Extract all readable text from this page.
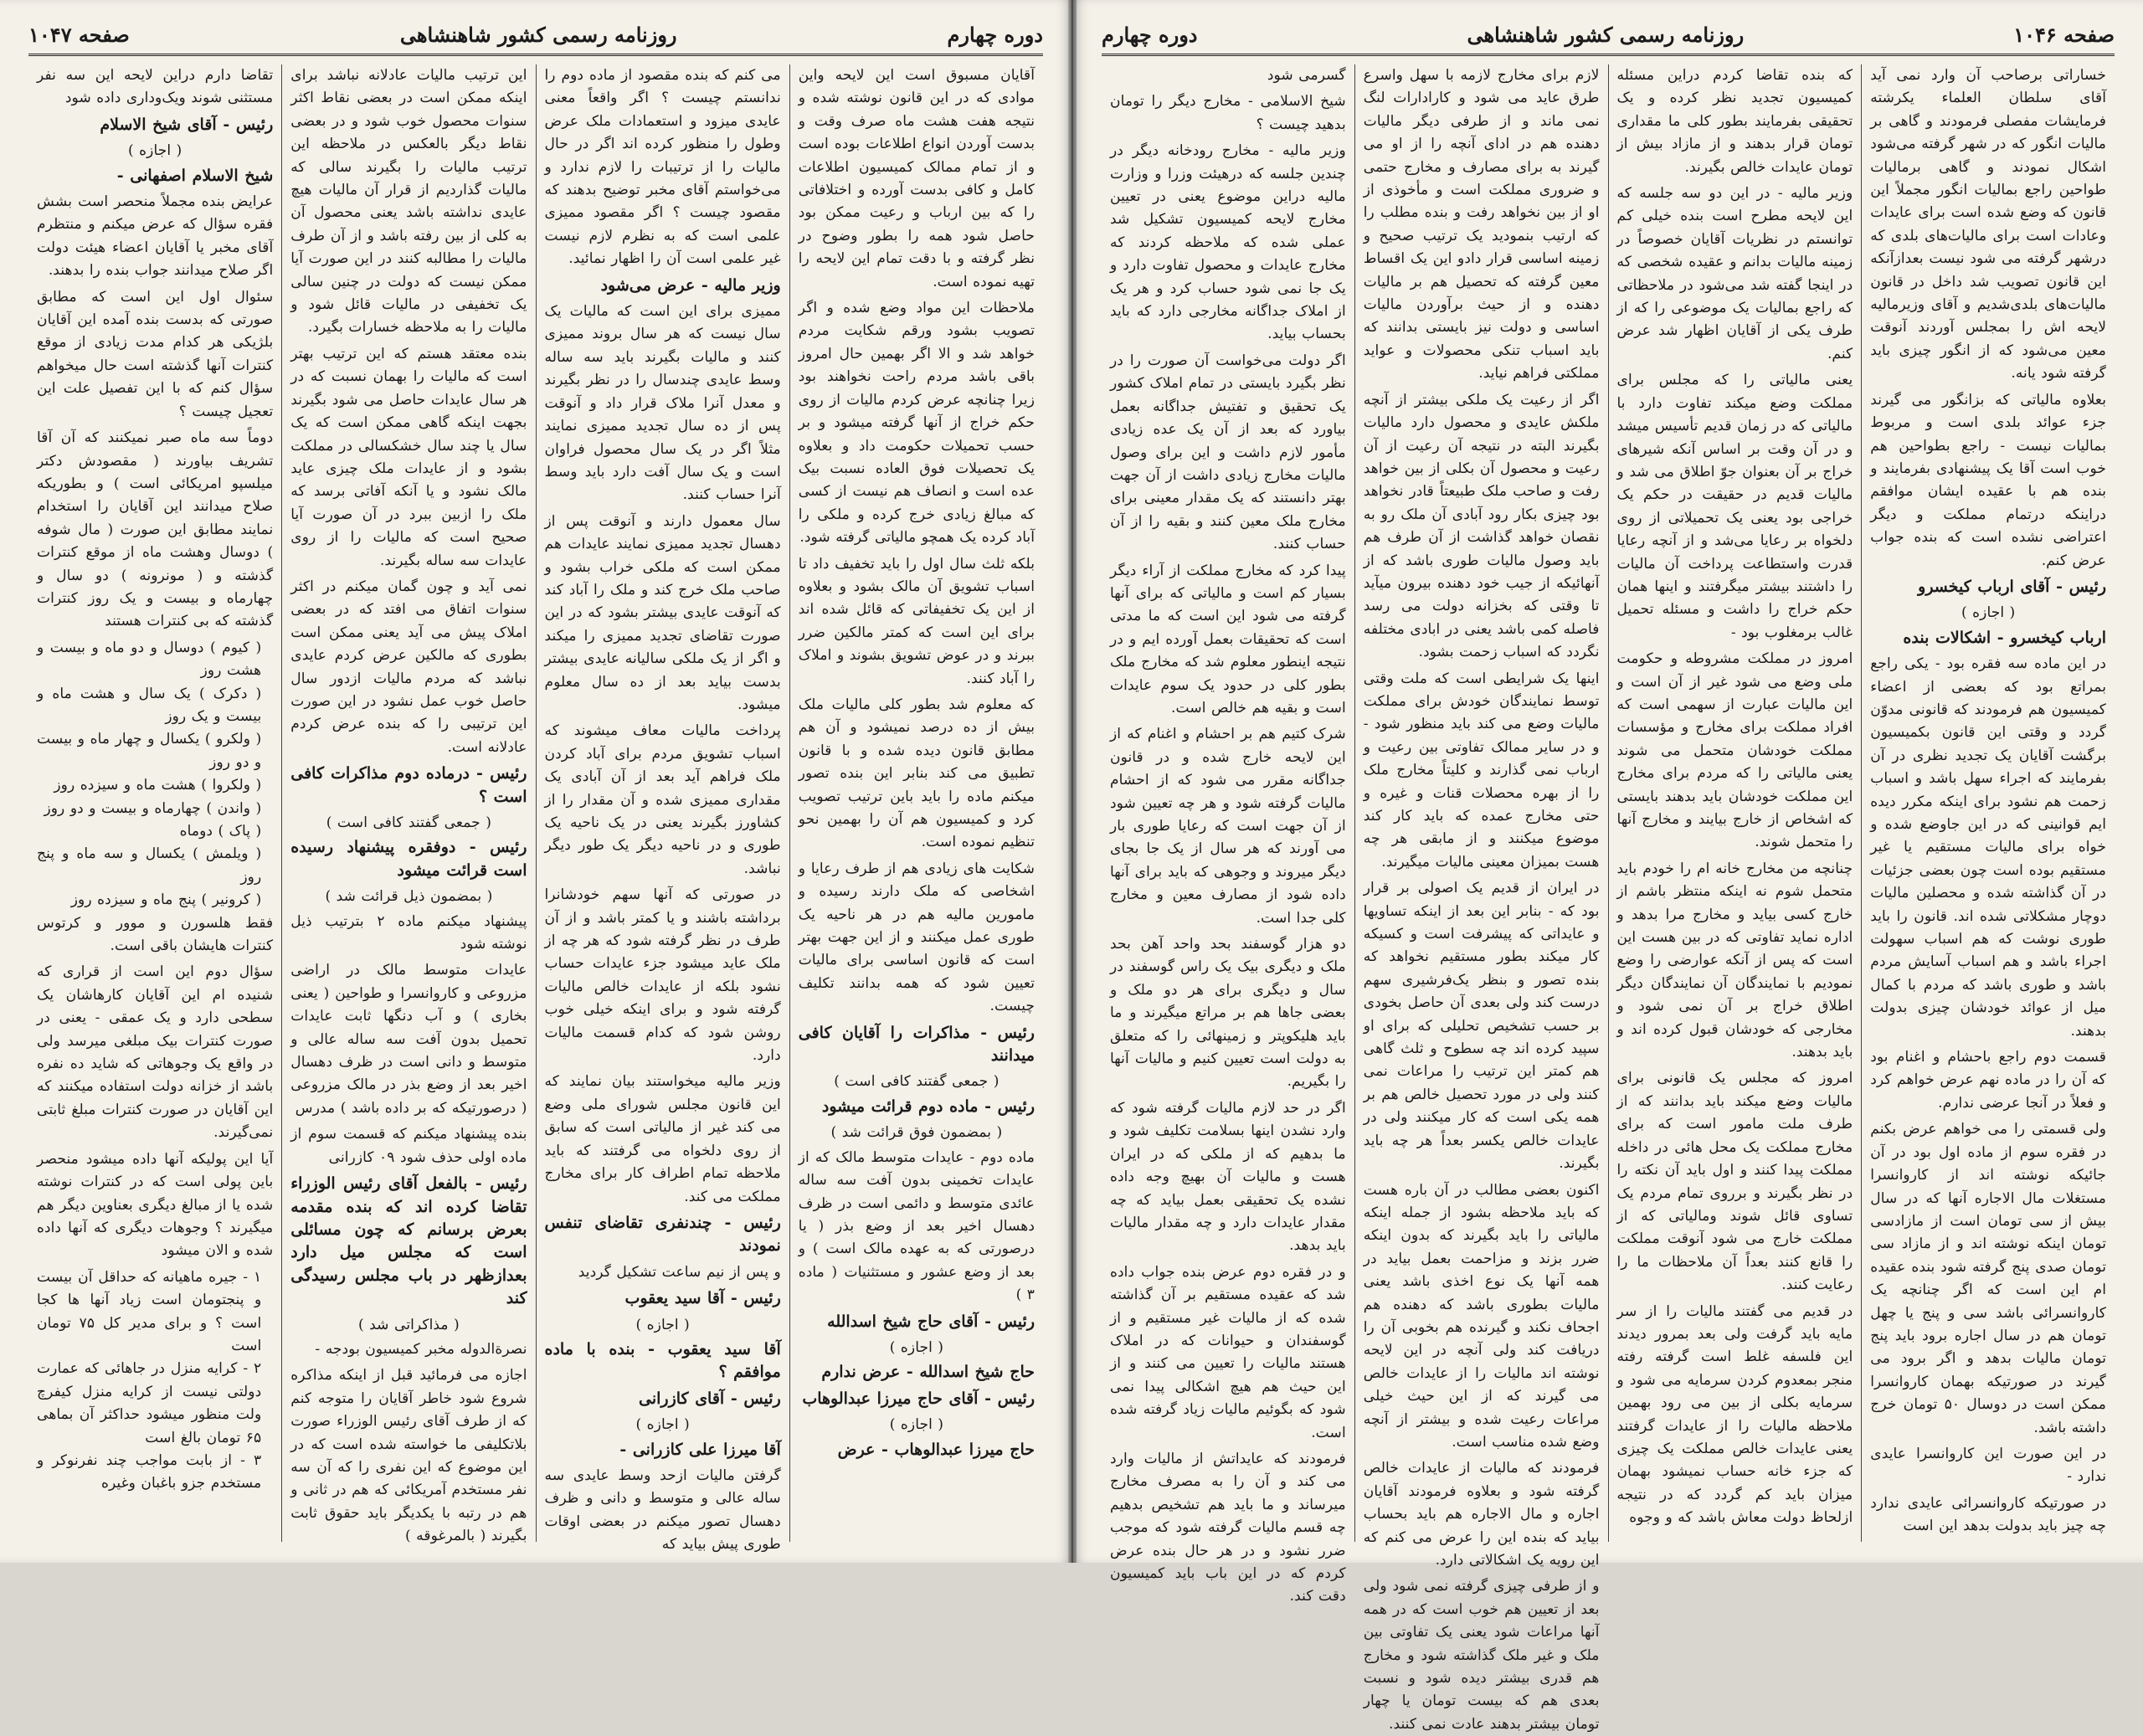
صفحه ۱۰۴۶
روزنامه رسمی کشور شاهنشاهی
دوره چهارم

خساراتی برصاحب آن وارد نمی آید آقای سلطان العلماء یکرشته فرمایشات مفصلی فرمودند و گاهی بر مالیات انگور که در شهر گرفته می‌شود اشکال نمودند و گاهی برمالیات طواحین راجع بمالیات انگور مجملاً این قانون که وضع شده است برای عایدات وعادات است برای مالیات‌های بلدی که درشهر گرفته می شود نیست بعدازآنکه این قانون تصویب شد داخل در قانون مالیات‌های بلدی‌شدیم و آقای وزیرمالیه لایحه اش را بمجلس آوردند آنوقت معین می‌شود که از انگور چیزی باید گرفته شود یانه.

بعلاوه مالیاتی که بزانگور می گیرند جزء عوائد بلدی است و مربوط بمالیات نیست - راجع بطواحین هم خوب است آقا یک پیشنهادی بفرمایند و بنده هم با عقیده ایشان موافقم دراینکه درتمام مملکت و دیگر اعتراضی نشده است که بنده جواب عرض کنم.

رئیس - آقای ارباب کیخسرو

( اجازه )

ارباب کیخسرو - اشکالات بنده

در این ماده سه فقره بود - یکی راجع بمراتع بود که بعضی از اعضاء کمیسیون هم فرمودند که قانونی مدوّن گردد و وقتی این قانون بکمیسیون برگشت آقایان یک تجدید نظری در آن بفرمایند که اجراء سهل باشد و اسباب زحمت هم نشود برای اینکه مکرر دیده ایم قوانینی که در این جاوضع شده و خواه برای مالیات مستقیم یا غیر مستقیم بوده است چون بعضی جزئیات در آن گذاشته شده و محصلین مالیات دوچار مشکلاتی شده اند. قانون را باید طوری نوشت که هم اسباب سهولت اجراء باشد و هم اسباب آسایش مردم باشد و طوری باشد که مردم با کمال میل از عوائد خودشان چیزی بدولت بدهند.

قسمت دوم راجع باحشام و اغنام بود که آن را در ماده نهم عرض خواهم کرد و فعلاً در آنجا عرضی ندارم.

ولی قسمتی را می خواهم عرض بکنم در فقره سوم از ماده اول بود در آن جائیکه نوشته اند از کاروانسرا مستغلات مال الاجاره آنها که در سال بیش از سی تومان است از مازادسی تومان اینکه نوشته اند و از مازاد سی تومان صدی پنج گرفته شود بنده عقیده ام این است که اگر چنانچه یک کاروانسرائی باشد سی و پنج یا چهل تومان هم در سال اجاره برود باید پنج تومان مالیات بدهد و اگر برود می گیرند در صورتیکه بهمان کاروانسرا ممکن است در دوسال ۵۰ تومان خرج داشته باشد.

در این صورت این کاروانسرا عایدی ندارد -

در صورتیکه کاروانسرائی عایدی ندارد چه چیز باید بدولت بدهد این است

که بنده تقاضا کردم دراین مسئله کمیسیون تجدید نظر کرده و یک تحقیقی بفرمایند بطور کلی ما مقداری تومان قرار بدهند و از مازاد بیش از تومان عایدات خالص بگیرند.

وزیر مالیه - در این دو سه جلسه که این لایحه مطرح است بنده خیلی کم توانستم در نظریات آقایان خصوصاً در زمینه مالیات بدانم و عقیده شخصی که در اینجا گفته شد می‌شود در ملاحظاتی که راجع بمالیات یک موضوعی را که از طرف یکی از آقایان اظهار شد عرض کنم.

یعنی مالیاتی را که مجلس برای مملکت وضع میکند تفاوت دارد با مالیاتی که در زمان قدیم تأسیس میشد و در آن وقت بر اساس آنکه شیرهای خراج بر آن بعنوان جوّ اطلاق می شد و مالیات قدیم در حقیقت در حکم یک خراجی بود یعنی یک تحمیلاتی از روی دلخواه بر رعایا می‌شد و از آنچه رعایا قدرت واستطاعت پرداخت آن مالیات را داشتند بیشتر میگرفتند و اینها همان حکم خراج را داشت و مسئله تحمیل غالب برمغلوب بود -

امروز در مملکت مشروطه و حکومت ملی وضع می شود غیر از آن است و این مالیات عبارت از سهمی است که افراد مملکت برای مخارج و مؤسسات مملکت خودشان متحمل می شوند یعنی مالیاتی را که مردم برای مخارج این مملکت خودشان باید بدهند بایستی که اشخاص از خارج بیایند و مخارج آنها را متحمل شوند.

چنانچه من مخارج خانه ام را خودم باید متحمل شوم نه اینکه منتظر باشم از خارج کسی بیاید و مخارج مرا بدهد و اداره نماید تفاوتی که در بین هست این است که پس از آنکه عوارضی را وضع نمودیم با نمایندگان آن نمایندگان دیگر اطلاق خراج بر آن نمی شود و مخارجی که خودشان قبول کرده اند و باید بدهند.

امروز که مجلس یک قانونی برای مالیات وضع میکند باید بدانند که از طرف ملت مامور است که برای مخارج مملکت یک محل هائی در داخله مملکت پیدا کنند و اول باید آن نکته را در نظر بگیرند و برروی تمام مردم یک تساوی قائل شوند ومالیاتی که از مملکت خارج می شود آنوقت مملکت را قانع کنند بعداً آن ملاحظات ما را رعایت کنند.

در قدیم می گفتند مالیات را از سر مایه باید گرفت ولی بعد بمرور دیدند این فلسفه غلط است گرفته رفته منجر بمعدوم کردن سرمایه می شود و سرمایه بکلی از بین می رود بهمین ملاحظه مالیات را از عایدات گرفتند یعنی عایدات خالص مملکت یک چیزی که جزء خانه حساب نمیشود بهمان میزان باید کم گردد که در نتیجه ازلحاظ دولت معاش باشد که و وجوه

لازم برای مخارج لازمه با سهل واسرع طرق عاید می شود و کارادارات لنگ نمی ماند و از طرفی دیگر مالیات دهنده هم در ادای آنچه را از او می گیرند به برای مصارف و مخارج حتمی و ضروری مملکت است و مأخوذی از او از بین نخواهد رفت و بنده مطلب را که ارتیب بنمودید یک ترتیب صحیح و زمینه اساسی قرار دادو این یک اقساط معین گرفته که تحصیل هم بر مالیات دهنده و از حیث برآوردن مالیات اساسی و دولت نیز بایستی بدانند که باید اسباب تنکی محصولات و عواید مملکتی فراهم نیاید.

اگر از رعیت یک ملکی بیشتر از آنچه ملکش عایدی و محصول دارد مالیات بگیرند البته در نتیجه آن رعیت از آن رعیت و محصول آن بکلی از بین خواهد رفت و صاحب ملک طبیعتاً قادر نخواهد بود چیزی بکار رود آبادی آن ملک رو به نقصان خواهد گذاشت از آن طرف هم باید وصول مالیات طوری باشد که از آنهائیکه از جیب خود دهنده بیرون میآید تا وقتی که بخزانه دولت می رسد فاصله کمی باشد یعنی در ابادی مختلفه نگردد که اسباب زحمت بشود.

اینها یک شرایطی است که ملت وقتی توسط نمایندگان خودش برای مملکت مالیات وضع می کند باید منظور شود - و در سایر ممالک تفاوتی بین رعیت و ارباب نمی گذارند و کلیتاً مخارج ملک را از بهره محصلات قنات و غیره و حتی مخارج عمده که باید کار کند موضوع میکنند و از مابقی هر چه هست بمیزان معینی مالیات میگیرند.

در ایران از قدیم یک اصولی بر قرار بود که - بنابر این بعد از اینکه تساویها و عایداتی که پیشرفت است و کسیکه کار میکند بطور مستقیم نخواهد که بنده تصور و بنظر یک‌فرشیری سهم درست کند ولی بعدی آن حاصل بخودی بر حسب تشخیص تحلیلی که برای او سپید کرده اند چه سطوح و ثلث گاهی هم کمتر این ترتیب را مراعات نمی کنند ولی در مورد تحصیل خالص هم بر همه یکی است که کار میکنند ولی در عایدات خالص یکسر بعداً هر چه باید بگیرند.

اکنون بعضی مطالب در آن باره هست که باید ملاحظه بشود از جمله اینکه مالیاتی را باید بگیرند که بدون اینکه ضرر بزند و مزاحمت بعمل بیاید در همه آنها یک نوع اخذی باشد یعنی مالیات بطوری باشد که دهنده هم اجحاف نکند و گیرنده هم بخوبی آن را دریافت کند ولی آنچه در این لایحه نوشته اند مالیات را از عایدات خالص می گیرند که از این حیث خیلی مراعات رعیت شده و بیشتر از آنچه وضع شده مناسب است.

فرمودند که مالیات از عایدات خالص گرفته شود و بعلاوه فرمودند آقایان اجاره و مال الاجاره هم باید بحساب بیاید که بنده این را عرض می کنم که این رویه یک اشکالاتی دارد.

و از طرفی چیزی گرفته نمی شود ولی بعد از تعیین هم خوب است که در همه آنها مراعات شود یعنی یک تفاوتی بین ملک و غیر ملک گذاشته شود و مخارج هم قدری بیشتر دیده شود و نسبت بعدی هم که بیست تومان یا چهار تومان بیشتر بدهند عادت نمی کنند.

گسرمی شود

شیخ الاسلامی - مخارج دیگر را تومان بدهید چیست ؟

وزیر مالیه - مخارج رودخانه دیگر در چندین جلسه که درهیئت وزرا و وزارت مالیه دراین موضوع یعنی در تعیین مخارج لایحه کمیسیون تشکیل شد عملی شده که ملاحظه کردند که مخارج عایدات و محصول تفاوت دارد و یک جا نمی شود حساب کرد و هر یک از املاک جداگانه مخارجی دارد که باید بحساب بیاید.

اگر دولت می‌خواست آن صورت را در نظر بگیرد بایستی در تمام املاک کشور یک تحقیق و تفتیش جداگانه بعمل بیاورد که بعد از آن یک عده زیادی مأمور لازم داشت و این برای وصول مالیات مخارج زیادی داشت از آن جهت بهتر دانستند که یک مقدار معینی برای مخارج ملک معین کنند و بقیه را از آن حساب کنند.

پیدا کرد که مخارج مملکت از آراء دیگر بسیار کم است و مالیاتی که برای آنها گرفته می شود این است که ما مدتی است که تحقیقات بعمل آورده ایم و در نتیجه اینطور معلوم شد که مخارج ملک بطور کلی در حدود یک سوم عایدات است و بقیه هم خالص است.

شرک کتیم هم بر احشام و اغنام که از این لایحه خارج شده و در قانون جداگانه مقرر می شود که از احشام مالیات گرفته شود و هر چه تعیین شود از آن جهت است که رعایا طوری بار می آورند که هر سال از یک جا بجای دیگر میروند و وجوهی که باید برای آنها داده شود از مصارف معین و مخارج کلی جدا است.

دو هزار گوسفند بحد واحد آهن بحد ملک و دیگری بیک یک راس گوسفند در سال و دیگری برای هر دو ملک و بعضی جاها هم بر مراتع میگیرند و ما باید هلیکوپتر و زمینهائی را که متعلق به دولت است تعیین کنیم و مالیات آنها را بگیریم.

اگر در حد لازم مالیات گرفته شود که وارد نشدن اینها بسلامت تکلیف شود و ما بدهیم که از ملکی که در ایران هست و مالیات آن بهیچ وجه داده نشده یک تحقیقی بعمل بیاید که چه مقدار عایدات دارد و چه مقدار مالیات باید بدهد.

و در فقره دوم عرض بنده جواب داده شد که عقیده مستقیم بر آن گذاشته شده که از مالیات غیر مستقیم و از گوسفندان و حیوانات که در املاک هستند مالیات را تعیین می کنند و از این حیث هم هیچ اشکالی پیدا نمی شود که بگوئیم مالیات زیاد گرفته شده است.

فرمودند که عایداتش از مالیات وارد می کند و آن را به مصرف مخارج میرساند و ما باید هم تشخیص بدهیم چه قسم مالیات گرفته شود که موجب ضرر نشود و در هر حال بنده عرض کردم که در این باب باید کمیسیون دقت کند.

دوره چهارم
روزنامه رسمی کشور شاهنشاهی
صفحه ۱۰۴۷

آقایان مسبوق است این لایحه واین موادی که در این قانون نوشته شده و نتیجه هفت هشت ماه صرف وقت و بدست آوردن انواع اطلاعات بوده است و از تمام ممالک کمیسیون اطلاعات کامل و کافی بدست آورده و اختلافاتی را که بین ارباب و رعیت ممکن بود حاصل شود همه را بطور وضوح در نظر گرفته و با دقت تمام این لایحه را تهیه نموده است.

ملاحظات این مواد وضع شده و اگر تصویب بشود ورقم شکایت مردم خواهد شد و الا اگر بهمین حال امروز باقی باشد مردم راحت نخواهند بود زیرا چنانچه عرض کردم مالیات از روی حکم خراج از آنها گرفته میشود و بر حسب تحمیلات حکومت داد و بعلاوه یک تحصیلات فوق العاده نسبت بیک عده است و انصاف هم نیست از کسی که مبالغ زیادی خرج کرده و ملکی را آباد کرده یک همچو مالیاتی گرفته شود.

بلکه ثلث سال اول را باید تخفیف داد تا اسباب تشویق آن مالک بشود و بعلاوه از این یک تخفیفاتی که قائل شده اند برای این است که کمتر مالکین ضرر ببرند و در عوض تشویق بشوند و املاک را آباد کنند.

که معلوم شد بطور کلی مالیات ملک بیش از ده درصد نمیشود و آن هم مطابق قانون دیده شده و با قانون تطبیق می کند بنابر این بنده تصور میکنم ماده را باید باین ترتیب تصویب کرد و کمیسیون هم آن را بهمین نحو تنظیم نموده است.

شکایت های زیادی هم از طرف رعایا و اشخاصی که ملک دارند رسیده و مامورین مالیه هم در هر ناحیه یک طوری عمل میکنند و از این جهت بهتر است که قانون اساسی برای مالیات تعیین شود که همه بدانند تکلیف چیست.

رئیس - مذاکرات را آقایان کافی میدانند

( جمعی گفتند کافی است )

رئیس - ماده دوم قرائت میشود

( بمضمون فوق قرائت شد )

ماده دوم - عایدات متوسط مالک که از عایدات تخمینی بدون آفت سه ساله عائدی متوسط و دائمی است در ظرف دهسال اخیر بعد از وضع بذر ( یا درصورتی که به عهده مالک است ) و بعد از وضع عشور و مستثنیات ( ماده ۳ )

رئیس - آقای حاج شیخ اسدالله

( اجازه )

حاج شیخ اسدالله - عرض ندارم

رئیس - آقای حاج میرزا عبدالوهاب

( اجازه )

حاج میرزا عبدالوهاب - عرض

می کنم که بنده مقصود از ماده دوم را ندانستم چیست ؟ اگر واقعاً معنی عایدی میزود و استعمادات ملک عرض وطول را منظور کرده اند اگر در حال مالیات را از ترتیبات را لازم ندارد و می‌خواستم آقای مخبر توضیح بدهند که مقصود چیست ؟ اگر مقصود ممیزی علمی است که به نظرم لازم نیست غیر علمی است آن را اظهار نمائید.

وزیر مالیه - عرض می‌شود

ممیزی برای این است که مالیات یک سال نیست که هر سال بروند ممیزی کنند و مالیات بگیرند باید سه ساله وسط عایدی چندسال را در نظر بگیرند و معدل آنرا ملاک قرار داد و آنوقت پس از ده سال تجدید ممیزی نمایند مثلاً اگر در یک سال محصول فراوان است و یک سال آفت دارد باید وسط آنرا حساب کنند.

سال معمول دارند و آنوقت پس از دهسال تجدید ممیزی نمایند عایدات هم ممکن است که ملکی خراب بشود و صاحب ملک خرج کند و ملک را آباد کند که آنوقت عایدی بیشتر بشود که در این صورت تقاضای تجدید ممیزی را میکند و اگر از یک ملکی سالیانه عایدی بیشتر بدست بیاید بعد از ده سال معلوم میشود.

پرداخت مالیات معاف میشوند که اسباب تشویق مردم برای آباد کردن ملک فراهم آید بعد از آن آبادی یک مقداری ممیزی شده و آن مقدار را از کشاورز بگیرند یعنی در یک ناحیه یک طوری و در ناحیه دیگر یک طور دیگر نباشد.

در صورتی که آنها سهم خودشانرا برداشته باشند و یا کمتر باشد و از آن طرف در نظر گرفته شود که هر چه از ملک عاید میشود جزء عایدات حساب نشود بلکه از عایدات خالص مالیات گرفته شود و برای اینکه خیلی خوب روشن شود که کدام قسمت مالیات دارد.

وزیر مالیه میخواستند بیان نمایند که این قانون مجلس شورای ملی وضع می کند غیر از مالیاتی است که سابق از روی دلخواه می گرفتند که باید ملاحظه تمام اطراف کار برای مخارج مملکت می کند.

رئیس - چندنفری تقاضای تنفس نمودند

و پس از نیم ساعت تشکیل گردید

رئیس - آقا سید یعقوب

( اجازه )

آقا سید یعقوب - بنده با ماده موافقم ؟

رئیس - آقای کازرانی

( اجازه )

آقا میرزا علی کازرانی -

گرفتن مالیات ازحد وسط عایدی سه ساله عالی و متوسط و دانی و ظرف دهسال تصور میکنم در بعضی اوقات طوری پیش بیاید که

این ترتیب مالیات عادلانه نباشد برای اینکه ممکن است در بعضی نقاط اکثر سنوات محصول خوب شود و در بعضی نقاط دیگر بالعکس در ملاحظه این ترتیب مالیات را بگیرند سالی که مالیات گذاردیم از قرار آن مالیات هیچ عایدی نداشته باشد یعنی محصول آن به کلی از بین رفته باشد و از آن طرف مالیات را مطالبه کنند در این صورت آیا ممکن نیست که دولت در چنین سالی یک تخفیفی در مالیات قائل شود و مالیات را به ملاحظه خسارات بگیرد.

بنده معتقد هستم که این ترتیب بهتر است که مالیات را بهمان نسبت که در هر سال عایدات حاصل می شود بگیرند بجهت اینکه گاهی ممکن است که یک سال یا چند سال خشکسالی در مملکت بشود و از عایدات ملک چیزی عاید مالک نشود و یا آنکه آفاتی برسد که ملک را ازبین ببرد در آن صورت آیا صحیح است که مالیات را از روی عایدات سه ساله بگیرند.

نمی آید و چون گمان میکنم در اکثر سنوات اتفاق می افتد که در بعضی املاک پیش می آید یعنی ممکن است بطوری که مالکین عرض کردم عایدی نباشد که مردم مالیات ازدور سال حاصل خوب عمل نشود در این صورت این ترتیبی را که بنده عرض کردم عادلانه است.

رئیس - درماده دوم مذاکرات کافی است ؟

( جمعی گفتند کافی است )

رئیس - دوفقره پیشنهاد رسیده است قرائت میشود

( بمضمون ذیل قرائت شد )

پیشنهاد میکنم ماده ۲ بترتیب ذیل نوشته شود

عایدات متوسط مالک در اراضی مزروعی و کاروانسرا و طواحین ( یعنی بخاری ) و آب دنگها ثابت عایدات تحمیل بدون آفت سه ساله عالی و متوسط و دانی است در ظرف دهسال اخیر بعد از وضع بذر در مالک مزروعی ( درصورتیکه که بر داده باشد ) مدرس

بنده پیشنهاد میکنم که قسمت سوم از ماده اولی حذف شود ۰۹ کازرانی

رئیس - بالفعل آقای رئیس الوزراء تقاضا کرده اند که بنده مقدمه بعرض برسانم که چون مسائلی است که مجلس میل دارد بعدازظهر در باب مجلس رسیدگی کند

( مذاکراتی شد )

نصرةالدوله مخبر کمیسیون بودجه -

اجازه می فرمائید قبل از اینکه مذاکره شروع شود خاطر آقایان را متوجه کنم که از طرف آقای رئیس الوزراء صورت بلاتکلیفی ما خواسته شده است که در این موضوع که این نفری را که آن سه نفر مستخدم آمریکائی که هم در ثانی و هم در رتبه با یکدیگر باید حقوق ثابت بگیرند ( بالمرغوقه )

تقاضا دارم دراین لایحه این سه نفر مستثنی شوند ویک‌وداری داده شود

رئیس - آقای شیخ الاسلام

( اجازه )

شیخ الاسلام اصفهانی -

عرایض بنده مجملاً منحصر است بشش فقره سؤال که عرض میکنم و منتظرم آقای مخبر یا آقایان اعضاء هیئت دولت اگر صلاح میدانند جواب بنده را بدهند.

سئوال اول این است که مطابق صورتی که بدست بنده آمده این آقایان بلژیکی هر کدام مدت زیادی از موقع کنترات آنها گذشته است حال میخواهم سؤال کنم که با این تفصیل علت این تعجیل چیست ؟

دوماً سه ماه صبر نمیکنند که آن آقا تشریف بیاورند ( مقصودش دکتر میلسپو امریکائی است ) و بطوریکه صلاح میدانند این آقایان را استخدام نمایند مطابق این صورت ( مال شوفه ) دوسال وهشت ماه از موقع کنترات گذشته و ( مونرونه ) دو سال و چهارماه و بیست و یک روز کنترات گذشته که بی کنترات هستند

( کیوم ) دوسال و دو ماه و بیست و هشت روز
( دکرک ) یک سال و هشت ماه و بیست و یک روز
( ولکرو ) یکسال و چهار ماه و بیست و دو روز
( ولکروا ) هشت ماه و سیزده روز
( واندن ) چهارماه و بیست و دو روز
( پاک ) دوماه
( ویلمش ) یکسال و سه ماه و پنج روز
( کرونیر ) پنج ماه و سیزده روز

فقط هلسورن و موور و کرتوس کنترات هایشان باقی است.

سؤال دوم این است از قراری که شنیده ام این آقایان کارهاشان یک سطحی دارد و یک عمقی - یعنی در صورت کنترات بیک مبلغی میرسد ولی در واقع یک وجوهاتی که شاید ده نفره باشد از خزانه دولت استفاده میکنند که این آقایان در صورت کنترات مبلغ ثابتی نمی‌گیرند.

آیا این پولیکه آنها داده میشود منحصر باین پولی است که در کنترات نوشته شده یا از مبالغ دیگری بعناوین دیگر هم میگیرند ؟ وجوهات دیگری که آنها داده شده و الان میشود

۱ - جیره ماهیانه که حداقل آن بیست و پنجتومان است زیاد آنها ها کجا است ؟ و برای مدیر کل ۷۵ تومان است
۲ - کرایه منزل در جاهائی که عمارت دولتی نیست از کرایه منزل کیفرچ ولت منظور میشود حداکثر آن بماهی ۶۵ تومان بالغ است
۳ - از بابت مواجب چند نفرنوکر و مستخدم جزو باغبان وغیره
